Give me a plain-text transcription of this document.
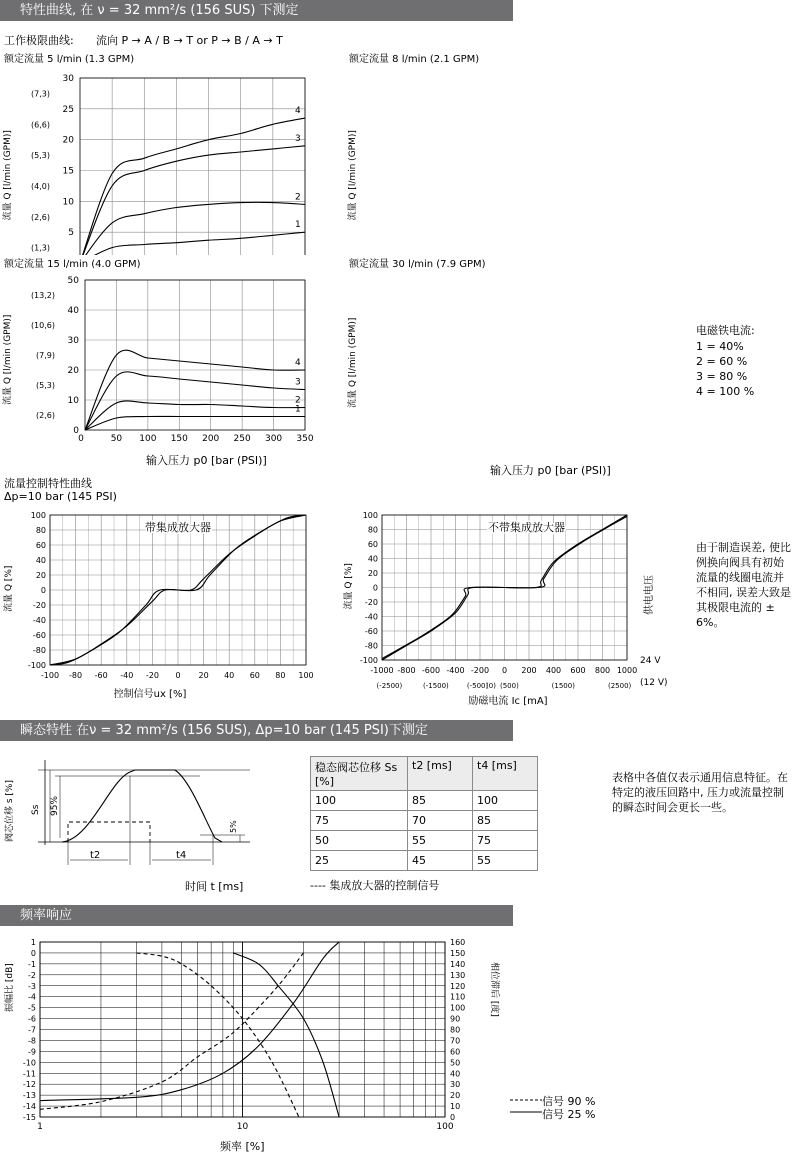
特性曲线, 在 ν = 32 mm²/s (156 SUS) 下测定
工作极限曲线: 流向 P → A / B → T or P → B / A → T
额定流量 5 l/min (1.3 GPM)
5
10
15
20
25
30
(1,3)
(2,6)
(4,0)
(5,3)
(6,6)
(7,3)
流量 Q [l/min (GPM)]
1
2
3
4
额定流量 8 l/min (2.1 GPM)
流量 Q [l/min (GPM)]
额定流量 15 l/min (4.0 GPM)
0
10
20
30
40
50
(2,6)
(5,3)
(7,9)
(10,6)
(13,2)
50 100 150 200 250 300 350
0
流量 Q [l/min (GPM)]
1
2
3
4
额定流量 30 l/min (7.9 GPM)
流量 Q [l/min (GPM)]
输入压力 p0 [bar (PSI)]
输入压力 p0 [bar (PSI)]
电磁铁电流:
1 = 40%
2 = 60 %
3 = 80 %
4 = 100 %
流量控制特性曲线
Δp=10 bar (145 PSI)
-100
-80
-60
-40
-20
0
20
40
60
80
100
-100 -80 -60 -40 -20 0 20 40 60 80 100
带集成放大器
流量 Q [%]
控制信号ux [%]
-100
-80
-60
-40
-20
0
20
40
60
80
100
-1000 -800 -600 -400 -200 0 200 400 600 800 1000
(-2500)	(-1500)	(-500)
(0) (500)	(1500)	(2500)
不带集成放大器
流量 Q [%]
励磁电流 Ic [mA]
24 V
(12 V)
供电电压
由于制造误差, 使比例换向阀具有初始流量的线圈电流并不相同, 误差大致是其极限电流的 ± 6%。
瞬态特性 在ν = 32 mm²/s (156 SUS), Δp=10 bar (145 PSI)下测定
阀芯位移 s [%] Ss 95%
5%
t2	t4
时间 t [ms]
稳态阀芯位移 Ss [%]	t2 [ms]	t4 [ms]
100	85	100
75	70	85
50	55	75
25	45	55
---- 集成放大器的控制信号
表格中各值仅表示通用信息特征。在特定的液压回路中, 压力或流量控制的瞬态时间会更长一些。
频率响应
1
0
-1
-2
-3
-4
-5
-6
-7
-8
-9
-10
-11
-12
-13
-14
-15	0
10
20
30
40
50
60
70
80
90
100
110
120
130
140
150
160
1	10	100
振幅比 [dB]	相位滞后 [度]
频率 [%]
信号 90 %
信号 25 %
